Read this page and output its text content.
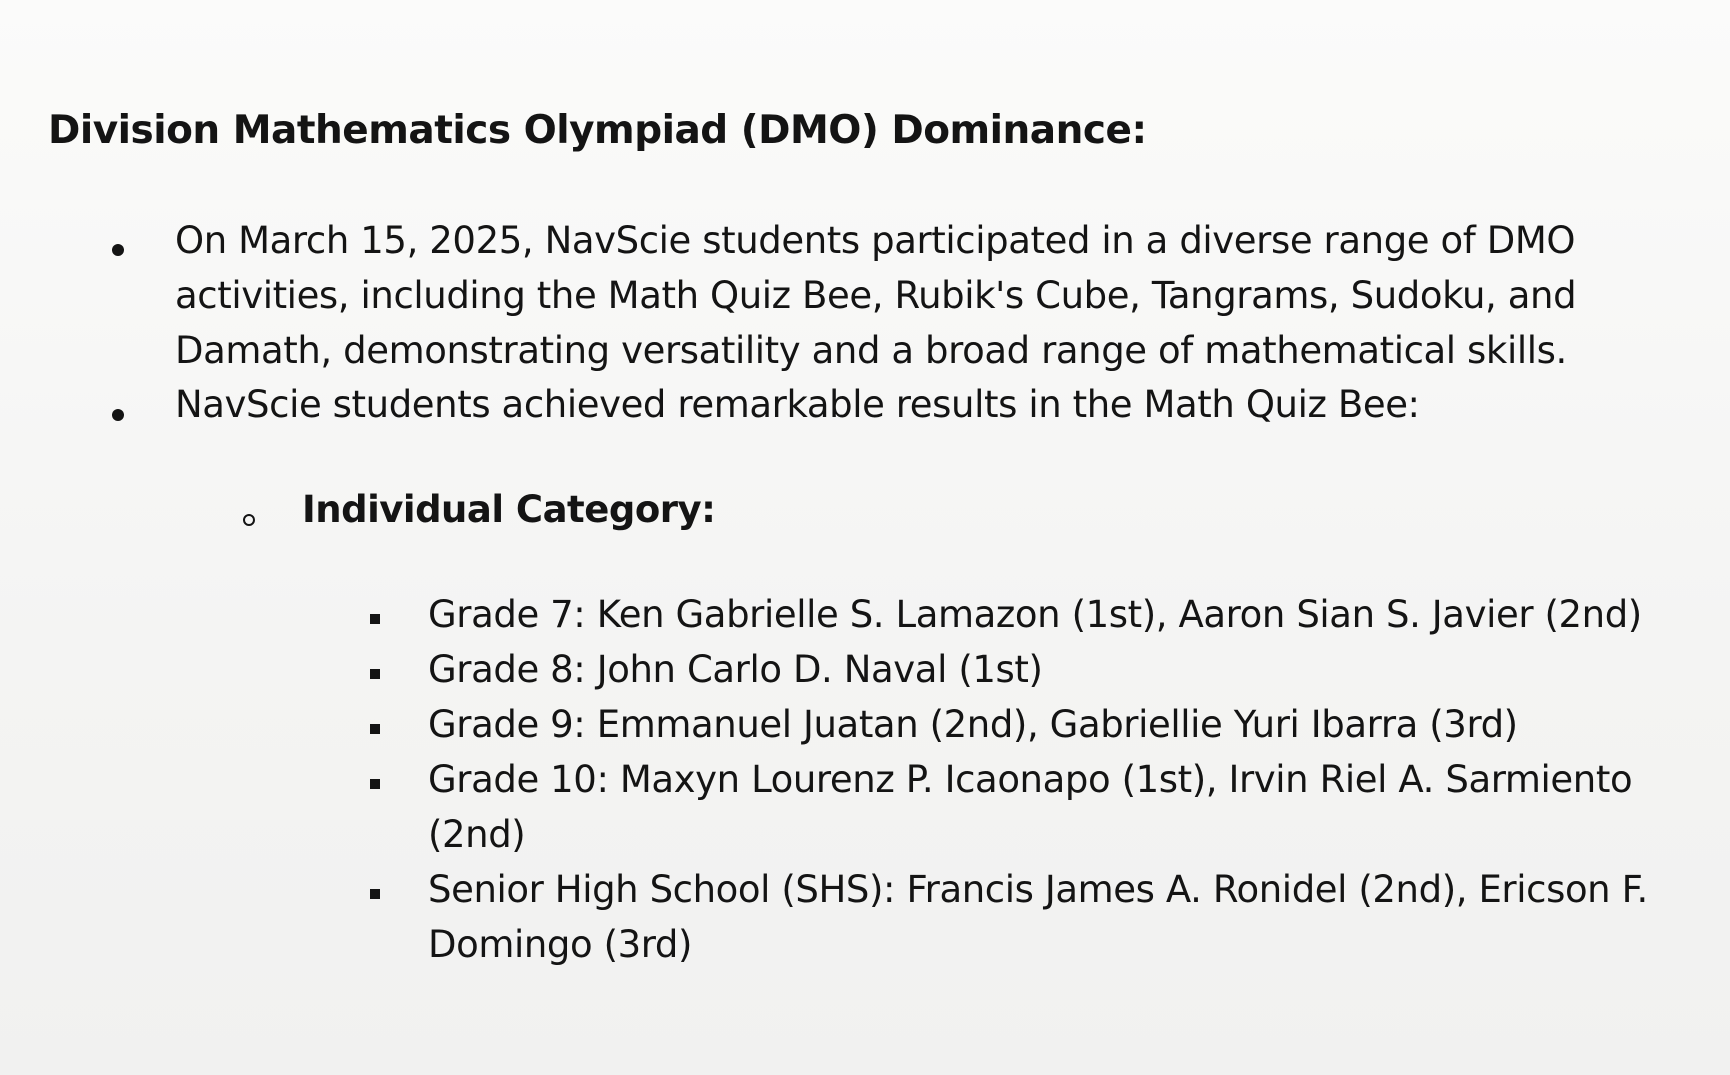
Division Mathematics Olympiad (DMO) Dominance:

On March 15, 2025, NavScie students participated in a diverse range of DMO

activities, including the Math Quiz Bee, Rubik's Cube, Tangrams, Sudoku, and

Damath, demonstrating versatility and a broad range of mathematical skills.

NavScie students achieved remarkable results in the Math Quiz Bee:

Individual Category:

Grade 7: Ken Gabrielle S. Lamazon (1st), Aaron Sian S. Javier (2nd)

Grade 8: John Carlo D. Naval (1st)

Grade 9: Emmanuel Juatan (2nd), Gabriellie Yuri Ibarra (3rd)

Grade 10: Maxyn Lourenz P. Icaonapo (1st), Irvin Riel A. Sarmiento

(2nd)

Senior High School (SHS): Francis James A. Ronidel (2nd), Ericson F.

Domingo (3rd)
